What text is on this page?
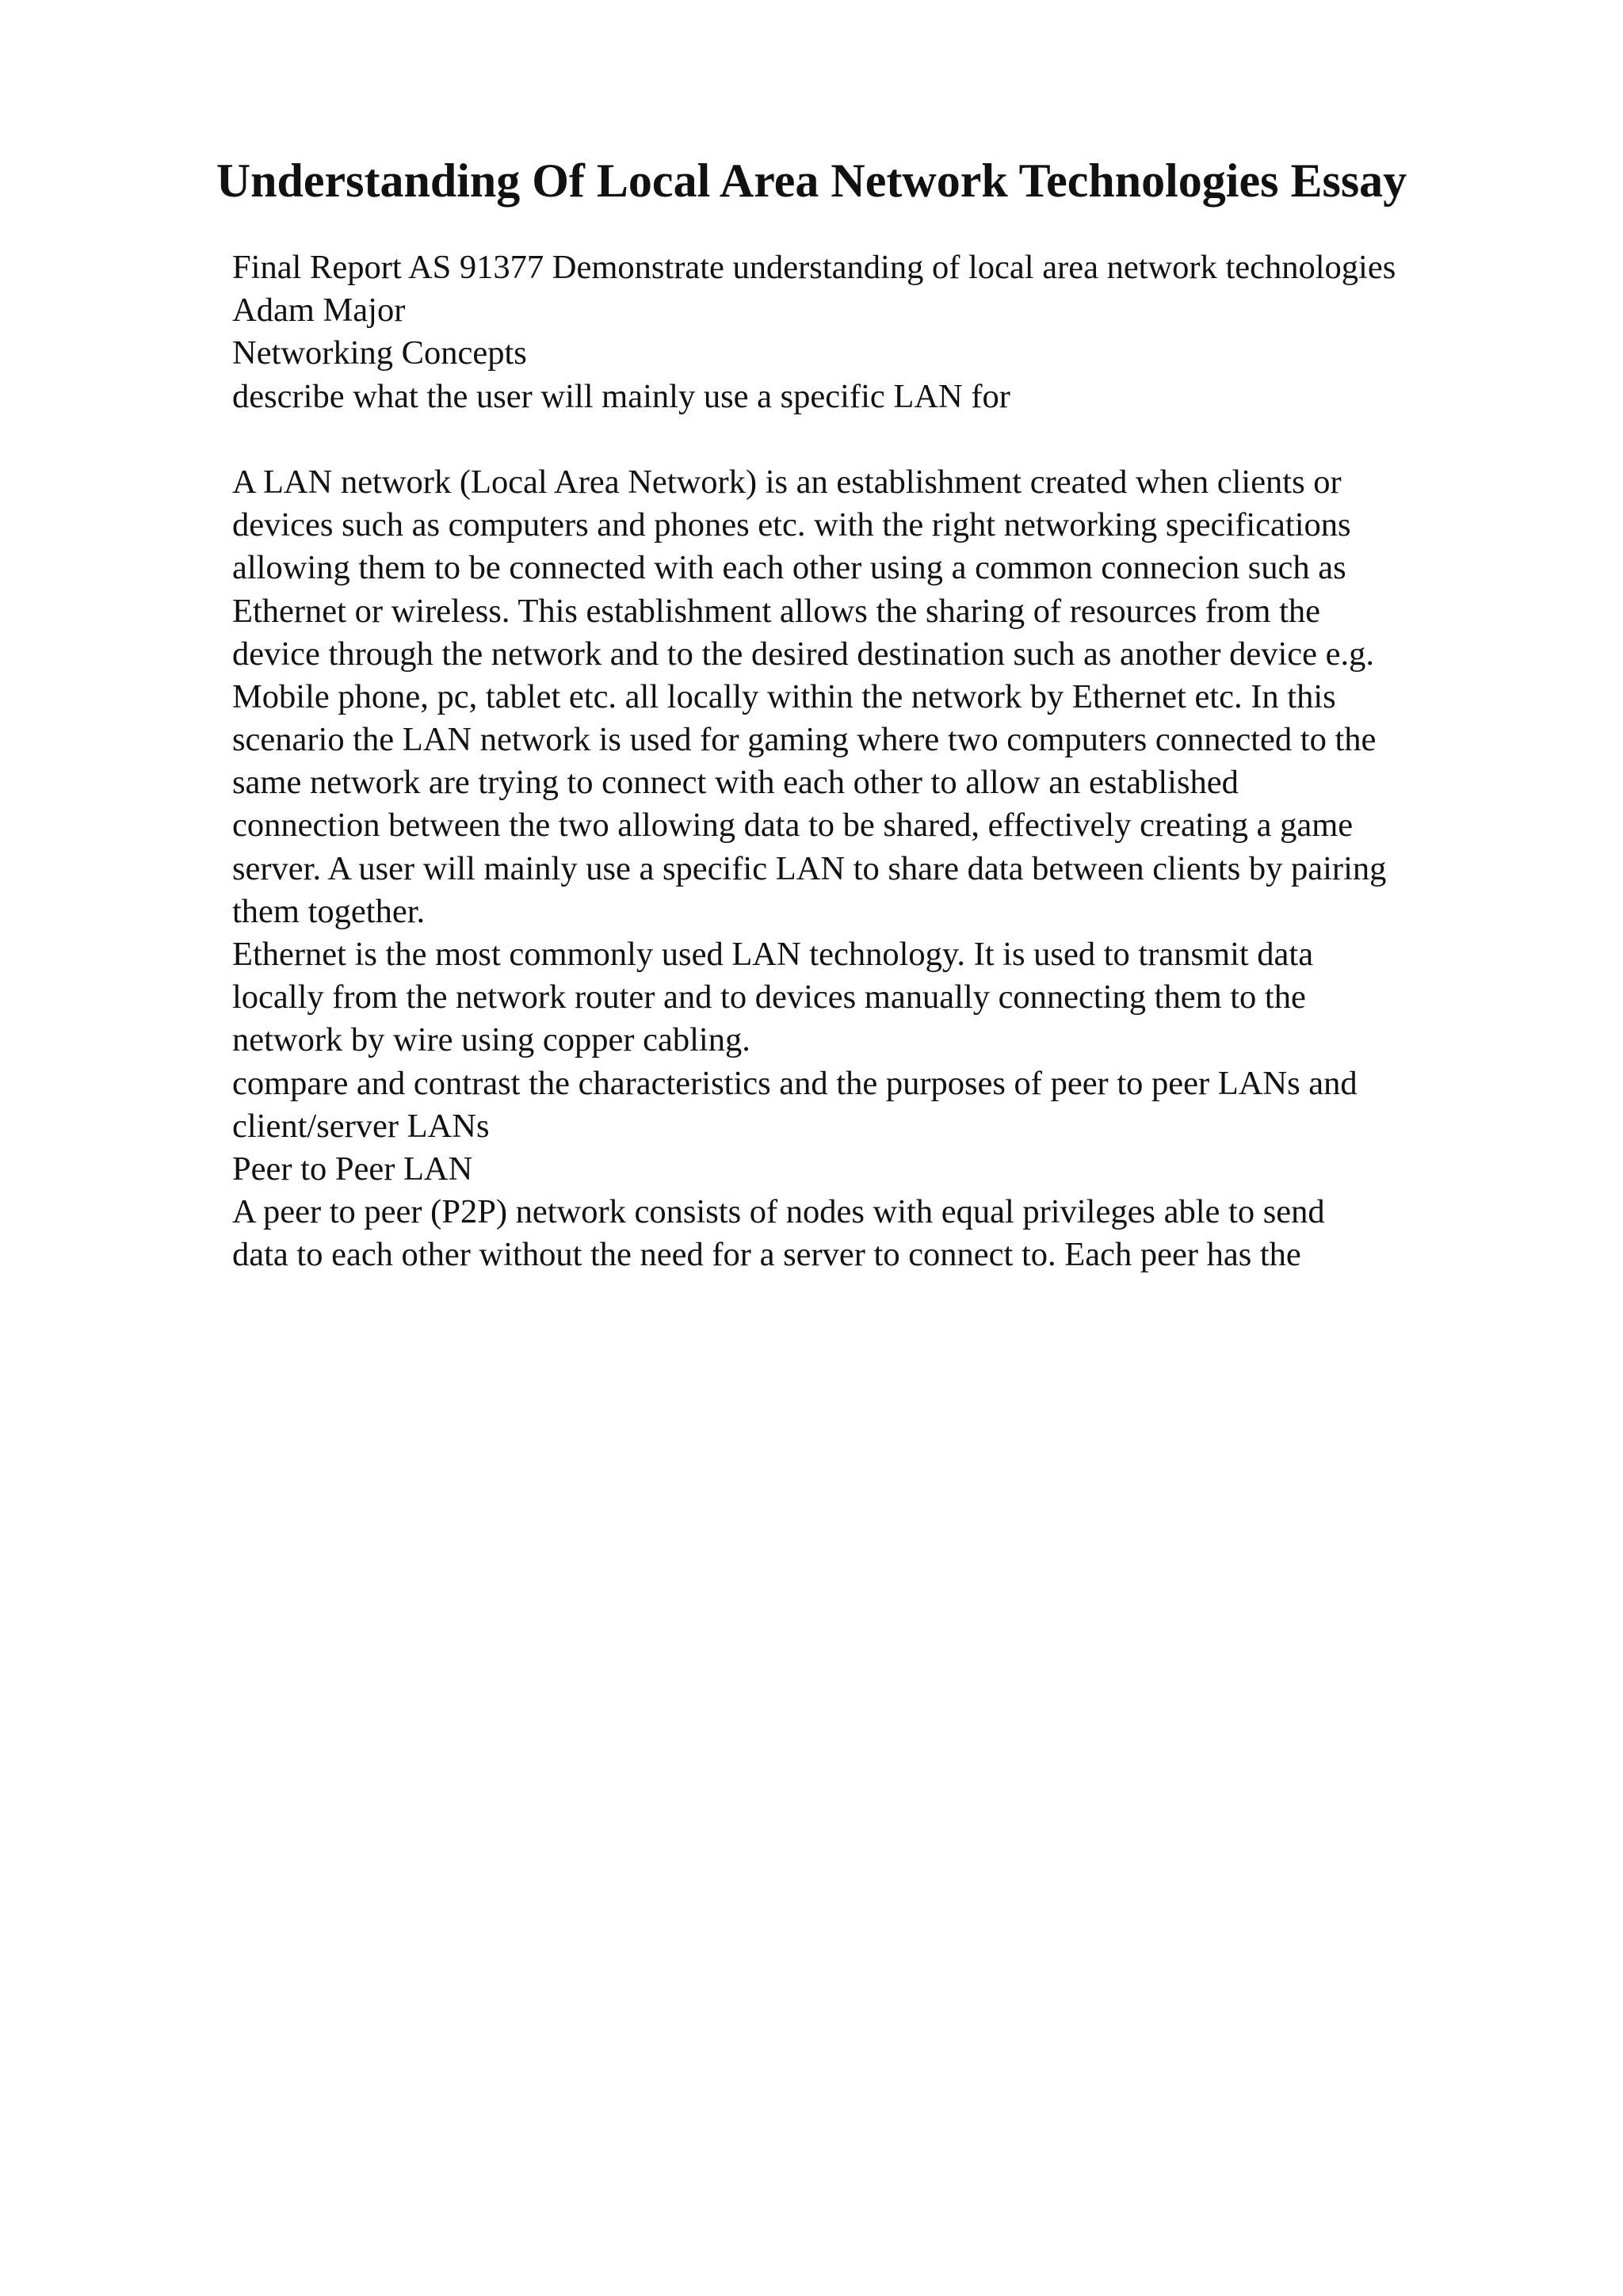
Understanding Of Local Area Network Technologies Essay
Final Report AS 91377 Demonstrate understanding of local area network technologies
Adam Major
Networking Concepts
describe what the user will mainly use a specific LAN for
A LAN network (Local Area Network) is an establishment created when clients or
devices such as computers and phones etc. with the right networking specifications
allowing them to be connected with each other using a common connecion such as
Ethernet or wireless. This establishment allows the sharing of resources from the
device through the network and to the desired destination such as another device e.g.
Mobile phone, pc, tablet etc. all locally within the network by Ethernet etc. In this
scenario the LAN network is used for gaming where two computers connected to the
same network are trying to connect with each other to allow an established
connection between the two allowing data to be shared, effectively creating a game
server. A user will mainly use a specific LAN to share data between clients by pairing
them together.
Ethernet is the most commonly used LAN technology. It is used to transmit data
locally from the network router and to devices manually connecting them to the
network by wire using copper cabling.
compare and contrast the characteristics and the purposes of peer to peer LANs and
client/server LANs
Peer to Peer LAN
A peer to peer (P2P) network consists of nodes with equal privileges able to send
data to each other without the need for a server to connect to. Each peer has the
